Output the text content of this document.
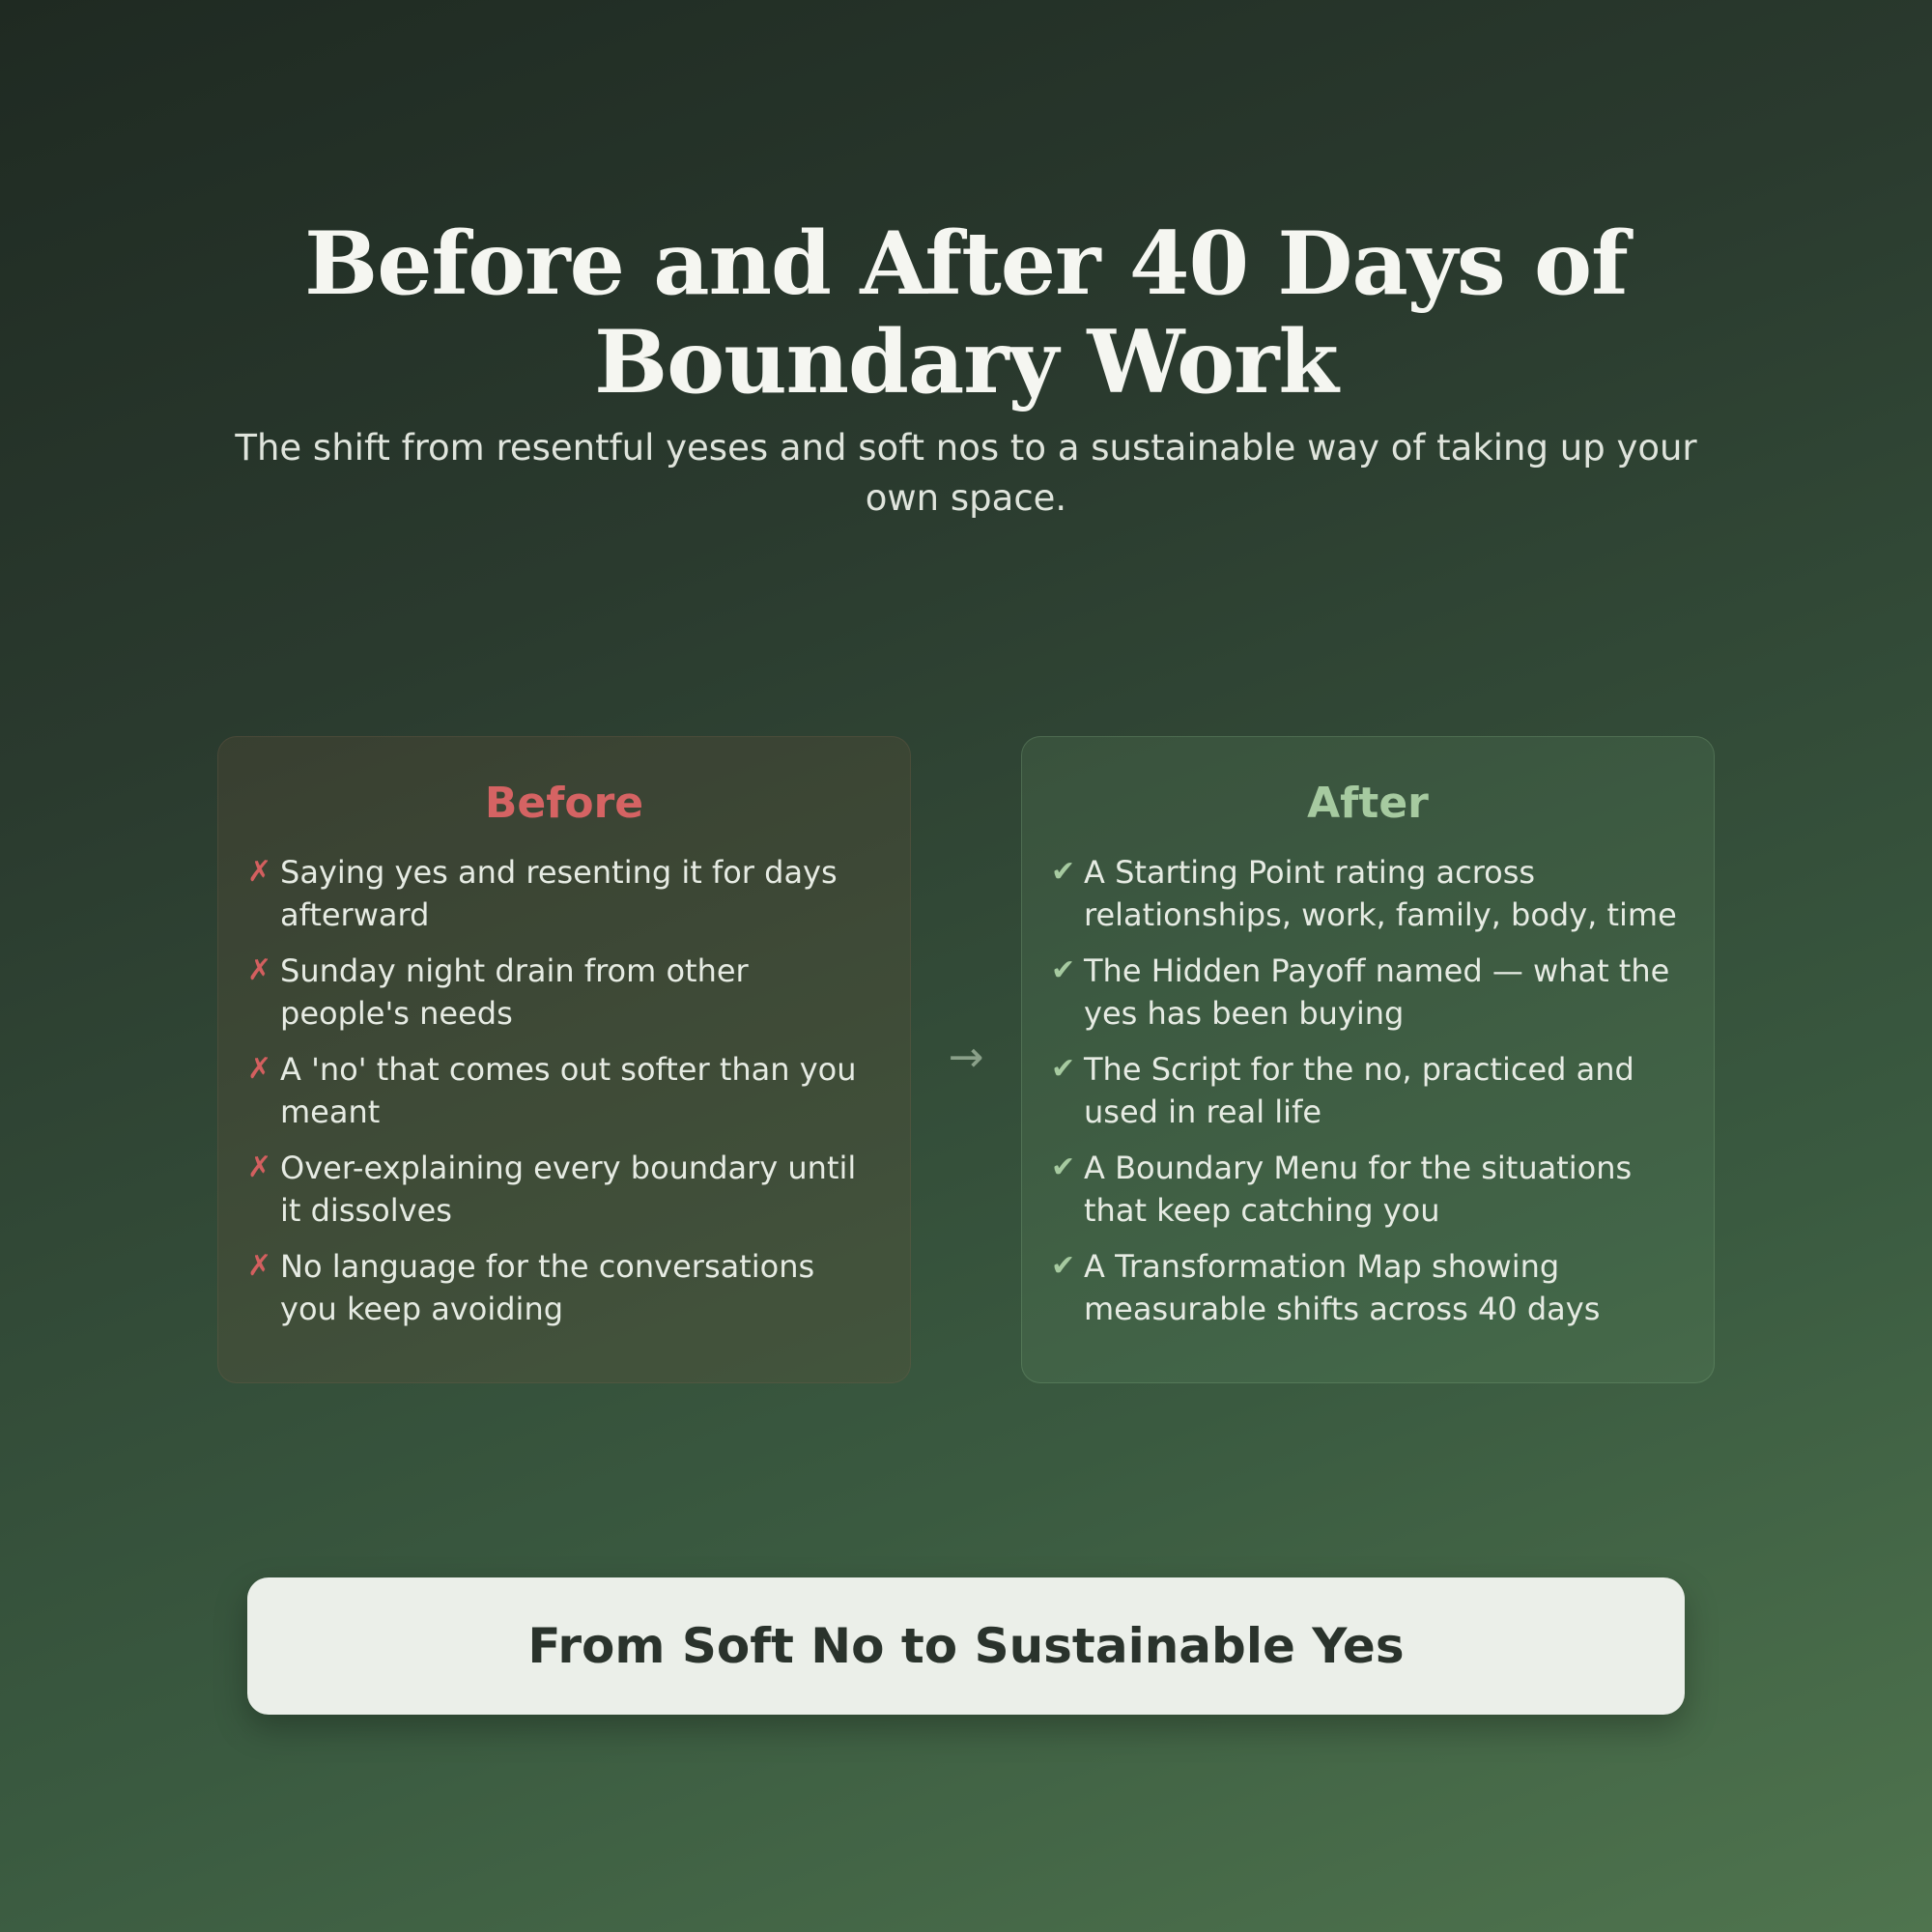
Before and After 40 Days of Boundary Work

The shift from resentful yeses and soft nos to a sustainable way of taking up your own space.

Before
✗ Saying yes and resenting it for days afterward
✗ Sunday night drain from other people's needs
✗ A 'no' that comes out softer than you meant
✗ Over-explaining every boundary until it dissolves
✗ No language for the conversations you keep avoiding
→
After
✔ A Starting Point rating across relationships, work, family, body, time
✔ The Hidden Payoff named — what the yes has been buying
✔ The Script for the no, practiced and used in real life
✔ A Boundary Menu for the situations that keep catching you
✔ A Transformation Map showing measurable shifts across 40 days
From Soft No to Sustainable Yes
